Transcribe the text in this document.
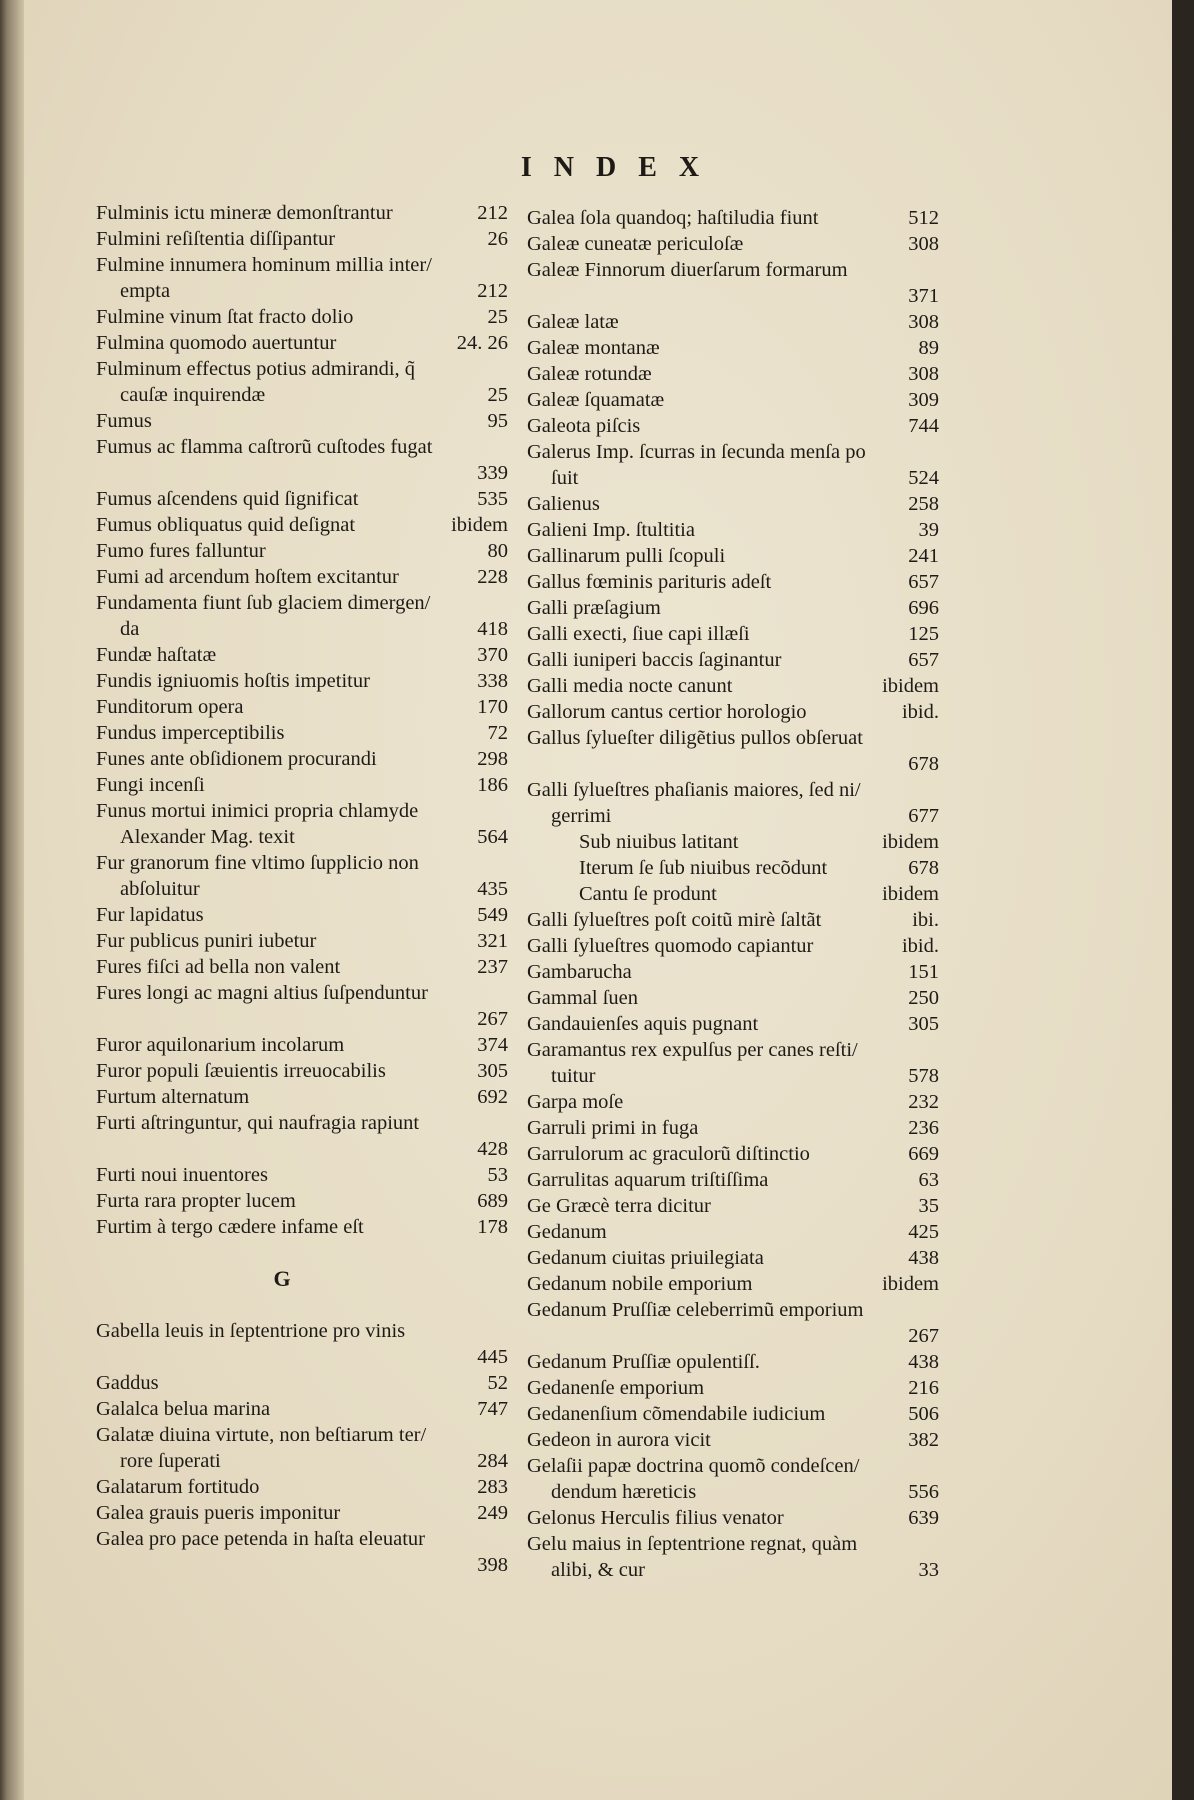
INDEX
Fulminis ictu mineræ demonſtrantur	212
Fulmini reſiſtentia diſſipantur	26
Fulmine innumera hominum millia inter/
empta	212
Fulmine vinum ſtat fracto dolio	25
Fulmina quomodo auertuntur	24. 26
Fulminum effectus potius admirandi, q̃
cauſæ inquirendæ	25
Fumus	95
Fumus ac flamma caſtrorũ cuſtodes fugat
339
Fumus aſcendens quid ſignificat	535
Fumus obliquatus quid deſignat	ibidem
Fumo fures falluntur	80
Fumi ad arcendum hoſtem excitantur	228
Fundamenta fiunt ſub glaciem dimergen/
da	418
Fundæ haſtatæ	370
Fundis igniuomis hoſtis impetitur	338
Funditorum opera	170
Fundus imperceptibilis	72
Funes ante obſidionem procurandi	298
Fungi incenſi	186
Funus mortui inimici propria chlamyde
Alexander Mag. texit	564
Fur granorum fine vltimo ſupplicio non
abſoluitur	435
Fur lapidatus	549
Fur publicus puniri iubetur	321
Fures fiſci ad bella non valent	237
Fures longi ac magni altius ſuſpenduntur
267
Furor aquilonarium incolarum	374
Furor populi ſæuientis irreuocabilis	305
Furtum alternatum	692
Furti aſtringuntur, qui naufragia rapiunt
428
Furti noui inuentores	53
Furta rara propter lucem	689
Furtim à tergo cædere infame eſt	178
G
Gabella leuis in ſeptentrione pro vinis
445
Gaddus	52
Galalca belua marina	747
Galatæ diuina virtute, non beſtiarum ter/
rore ſuperati	284
Galatarum fortitudo	283
Galea grauis pueris imponitur	249
Galea pro pace petenda in haſta eleuatur
398
Galea ſola quandoq; haſtiludia fiunt	512
Galeæ cuneatæ periculoſæ	308
Galeæ Finnorum diuerſarum formarum
371
Galeæ latæ	308
Galeæ montanæ	89
Galeæ rotundæ	308
Galeæ ſquamatæ	309
Galeota piſcis	744
Galerus Imp. ſcurras in ſecunda menſa po
ſuit	524
Galienus	258
Galieni Imp. ſtultitia	39
Gallinarum pulli ſcopuli	241
Gallus fœminis parituris adeſt	657
Galli præſagium	696
Galli execti, ſiue capi illæſi	125
Galli iuniperi baccis ſaginantur	657
Galli media nocte canunt	ibidem
Gallorum cantus certior horologio	ibid.
Gallus ſylueſter diligẽtius pullos obſeruat
678
Galli ſylueſtres phaſianis maiores, ſed ni/
gerrimi	677
Sub niuibus latitant	ibidem
Iterum ſe ſub niuibus recõdunt	678
Cantu ſe produnt	ibidem
Galli ſylueſtres poſt coitũ mirè ſaltãt	ibi.
Galli ſylueſtres quomodo capiantur	ibid.
Gambarucha	151
Gammal ſuen	250
Gandauienſes aquis pugnant	305
Garamantus rex expulſus per canes reſti/
tuitur	578
Garpa moſe	232
Garruli primi in fuga	236
Garrulorum ac graculorũ diſtinctio	669
Garrulitas aquarum triſtiſſima	63
Ge Græcè terra dicitur	35
Gedanum	425
Gedanum ciuitas priuilegiata	438
Gedanum nobile emporium	ibidem
Gedanum Pruſſiæ celeberrimũ emporium
267
Gedanum Pruſſiæ opulentiſſ.	438
Gedanenſe emporium	216
Gedanenſium cõmendabile iudicium	506
Gedeon in aurora vicit	382
Gelaſii papæ doctrina quomõ condeſcen/
dendum hæreticis	556
Gelonus Herculis filius venator	639
Gelu maius in ſeptentrione regnat, quàm
alibi, & cur	33
